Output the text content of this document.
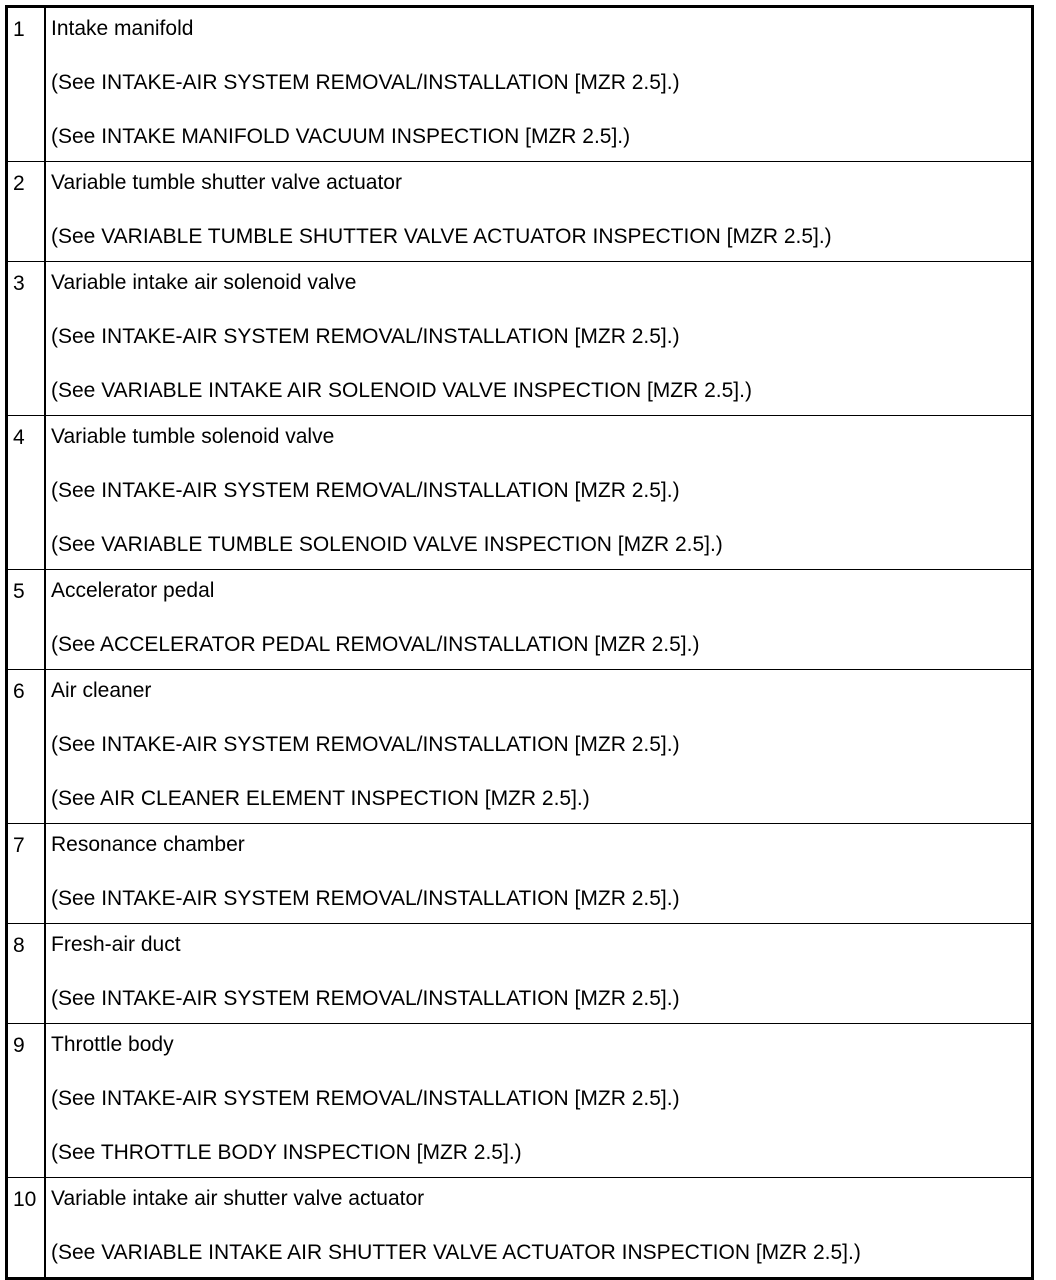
1	Intake manifold
(See INTAKE-AIR SYSTEM REMOVAL/INSTALLATION [MZR 2.5].)
(See INTAKE MANIFOLD VACUUM INSPECTION [MZR 2.5].)
2	Variable tumble shutter valve actuator
(See VARIABLE TUMBLE SHUTTER VALVE ACTUATOR INSPECTION [MZR 2.5].)
3	Variable intake air solenoid valve
(See INTAKE-AIR SYSTEM REMOVAL/INSTALLATION [MZR 2.5].)
(See VARIABLE INTAKE AIR SOLENOID VALVE INSPECTION [MZR 2.5].)
4	Variable tumble solenoid valve
(See INTAKE-AIR SYSTEM REMOVAL/INSTALLATION [MZR 2.5].)
(See VARIABLE TUMBLE SOLENOID VALVE INSPECTION [MZR 2.5].)
5	Accelerator pedal
(See ACCELERATOR PEDAL REMOVAL/INSTALLATION [MZR 2.5].)
6	Air cleaner
(See INTAKE-AIR SYSTEM REMOVAL/INSTALLATION [MZR 2.5].)
(See AIR CLEANER ELEMENT INSPECTION [MZR 2.5].)
7	Resonance chamber
(See INTAKE-AIR SYSTEM REMOVAL/INSTALLATION [MZR 2.5].)
8	Fresh-air duct
(See INTAKE-AIR SYSTEM REMOVAL/INSTALLATION [MZR 2.5].)
9	Throttle body
(See INTAKE-AIR SYSTEM REMOVAL/INSTALLATION [MZR 2.5].)
(See THROTTLE BODY INSPECTION [MZR 2.5].)
10 Variable intake air shutter valve actuator
(See VARIABLE INTAKE AIR SHUTTER VALVE ACTUATOR INSPECTION [MZR 2.5].)
